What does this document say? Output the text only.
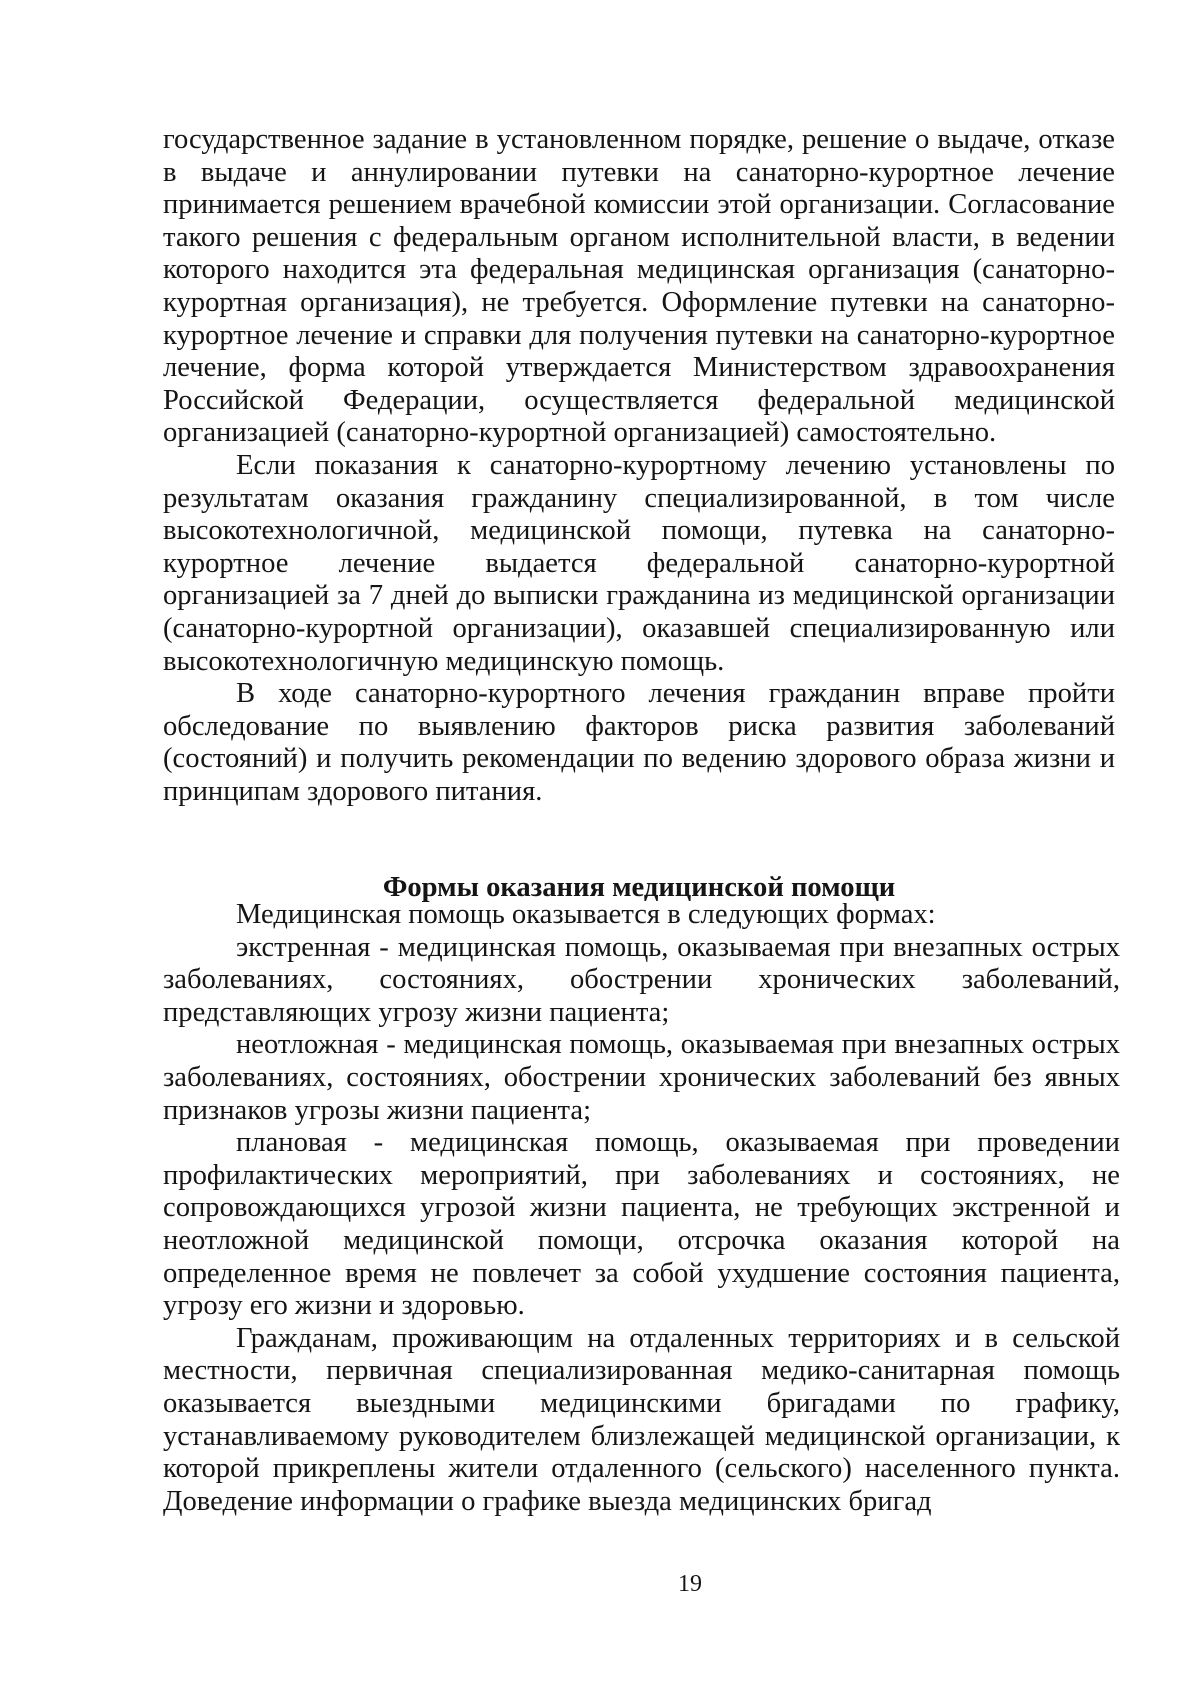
государственное задание в установленном порядке, решение о выдаче, отказе в выдаче и аннулировании путевки на санаторно-курортное лечение принимается решением врачебной комиссии этой организации. Согласование такого решения с федеральным органом исполнительной власти, в ведении которого находится эта федеральная медицинская организация (санаторно-курортная организация), не требуется. Оформление путевки на санаторно-курортное лечение и справки для получения путевки на санаторно-курортное лечение, форма которой утверждается Министерством здравоохранения Российской Федерации, осуществляется федеральной медицинской организацией (санаторно-курортной организацией) самостоятельно.

Если показания к санаторно-курортному лечению установлены по результатам оказания гражданину специализированной, в том числе высокотехнологичной, медицинской помощи, путевка на санаторно-курортное лечение выдается федеральной санаторно-курортной организацией за 7 дней до выписки гражданина из медицинской организации (санаторно-курортной организации), оказавшей специализированную или высокотехнологичную медицинскую помощь.

В ходе санаторно-курортного лечения гражданин вправе пройти обследование по выявлению факторов риска развития заболеваний (состояний) и получить рекомендации по ведению здорового образа жизни и принципам здорового питания.

Формы оказания медицинской помощи

Медицинская помощь оказывается в следующих формах:

экстренная - медицинская помощь, оказываемая при внезапных острых заболеваниях, состояниях, обострении хронических заболеваний, представляющих угрозу жизни пациента;

неотложная - медицинская помощь, оказываемая при внезапных острых заболеваниях, состояниях, обострении хронических заболеваний без явных признаков угрозы жизни пациента;

плановая - медицинская помощь, оказываемая при проведении профилактических мероприятий, при заболеваниях и состояниях, не сопровождающихся угрозой жизни пациента, не требующих экстренной и неотложной медицинской помощи, отсрочка оказания которой на определенное время не повлечет за собой ухудшение состояния пациента, угрозу его жизни и здоровью.

Гражданам, проживающим на отдаленных территориях и в сельской местности, первичная специализированная медико-санитарная помощь оказывается выездными медицинскими бригадами по графику, устанавливаемому руководителем близлежащей медицинской организации, к которой прикреплены жители отдаленного (сельского) населенного пункта. Доведение информации о графике выезда медицинских бригад

19
